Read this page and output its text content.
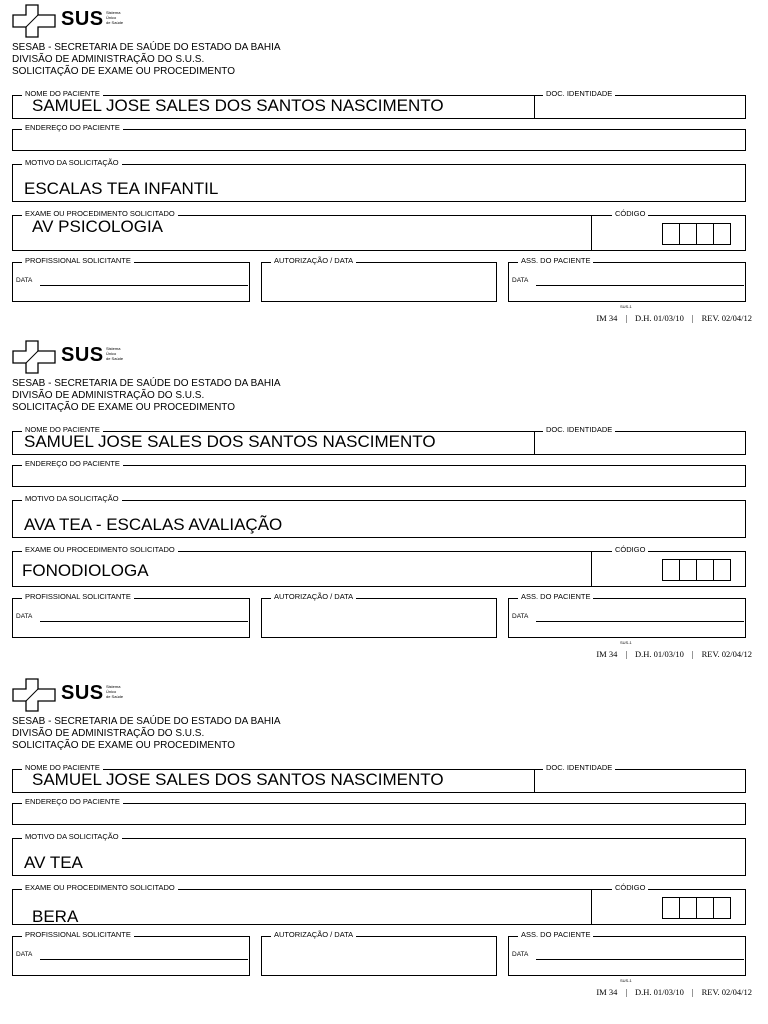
SUS Sistema
Único
de Saúde
SESAB - SECRETARIA DE SAÚDE DO ESTADO DA BAHIA
DIVISÃO DE ADMINISTRAÇÃO DO S.U.S.
SOLICITAÇÃO DE EXAME OU PROCEDIMENTO
NOME DO PACIENTE	DOC. IDENTIDADE
SAMUEL JOSE SALES DOS SANTOS NASCIMENTO
ENDEREÇO DO PACIENTE
MOTIVO DA SOLICITAÇÃO
ESCALAS TEA INFANTIL
EXAME OU PROCEDIMENTO SOLICITADO	CÓDIGO
AV PSICOLOGIA
PROFISSIONAL SOLICITANTE
DATA
AUTORIZAÇÃO / DATA	ASS. DO PACIENTE
DATA
SUS-1
IM 34 | D.H. 01/03/10 | REV. 02/04/12
SUS Sistema
Único
de Saúde
SESAB - SECRETARIA DE SAÚDE DO ESTADO DA BAHIA
DIVISÃO DE ADMINISTRAÇÃO DO S.U.S.
SOLICITAÇÃO DE EXAME OU PROCEDIMENTO
NOME DO PACIENTE	DOC. IDENTIDADE
SAMUEL JOSE SALES DOS SANTOS NASCIMENTO
ENDEREÇO DO PACIENTE
MOTIVO DA SOLICITAÇÃO
AVA TEA - ESCALAS AVALIAÇÃO
EXAME OU PROCEDIMENTO SOLICITADO	CÓDIGO
FONODIOLOGA
PROFISSIONAL SOLICITANTE
DATA
AUTORIZAÇÃO / DATA	ASS. DO PACIENTE
DATA
SUS-1
IM 34 | D.H. 01/03/10 | REV. 02/04/12
SUS Sistema
Único
de Saúde
SESAB - SECRETARIA DE SAÚDE DO ESTADO DA BAHIA
DIVISÃO DE ADMINISTRAÇÃO DO S.U.S.
SOLICITAÇÃO DE EXAME OU PROCEDIMENTO
NOME DO PACIENTE	DOC. IDENTIDADE
SAMUEL JOSE SALES DOS SANTOS NASCIMENTO
ENDEREÇO DO PACIENTE
MOTIVO DA SOLICITAÇÃO
AV TEA
EXAME OU PROCEDIMENTO SOLICITADO	CÓDIGO
BERA
PROFISSIONAL SOLICITANTE
DATA
AUTORIZAÇÃO / DATA	ASS. DO PACIENTE
DATA
SUS-1
IM 34 | D.H. 01/03/10 | REV. 02/04/12
